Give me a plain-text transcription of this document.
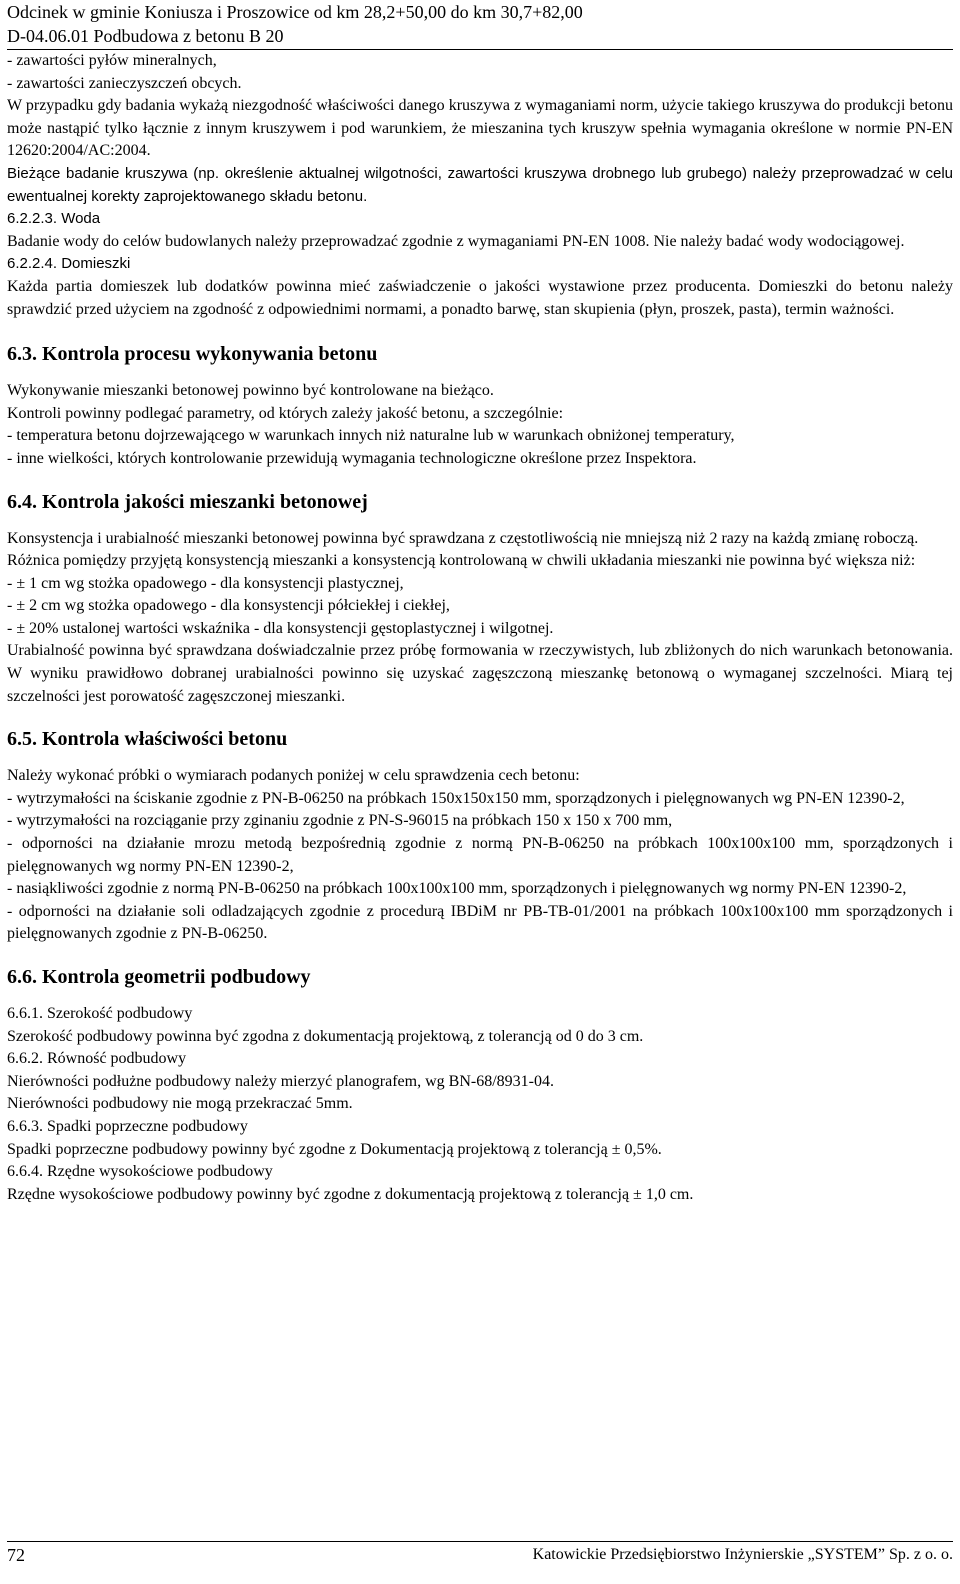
Odcinek w gminie Koniusza i Proszowice od km 28,2+50,00 do km 30,7+82,00
D-04.06.01 Podbudowa z betonu B 20

- zawartości pyłów mineralnych,

- zawartości zanieczyszczeń obcych.

W przypadku gdy badania wykażą niezgodność właściwości danego kruszywa z wymaganiami norm, użycie takiego kruszywa do produkcji betonu może nastąpić tylko łącznie z innym kruszywem i pod warunkiem, że mieszanina tych kruszyw spełnia wymagania określone w normie PN-EN 12620:2004/AC:2004.

Bieżące badanie kruszywa (np. określenie aktualnej wilgotności, zawartości kruszywa drobnego lub grubego) należy przeprowadzać w celu ewentualnej korekty zaprojektowanego składu betonu.

6.2.2.3. Woda

Badanie wody do celów budowlanych należy przeprowadzać zgodnie z wymaganiami PN-EN 1008. Nie należy badać wody wodociągowej.

6.2.2.4. Domieszki

Każda partia domieszek lub dodatków powinna mieć zaświadczenie o jakości wystawione przez producenta. Domieszki do betonu należy sprawdzić przed użyciem na zgodność z odpowiednimi normami, a ponadto barwę, stan skupienia (płyn, proszek, pasta), termin ważności.

6.3. Kontrola procesu wykonywania betonu

Wykonywanie mieszanki betonowej powinno być kontrolowane na bieżąco.

Kontroli powinny podlegać parametry, od których zależy jakość betonu, a szczególnie:

- temperatura betonu dojrzewającego w warunkach innych niż naturalne lub w warunkach obniżonej temperatury,

- inne wielkości, których kontrolowanie przewidują wymagania technologiczne określone przez Inspektora.

6.4. Kontrola jakości mieszanki betonowej

Konsystencja i urabialność mieszanki betonowej powinna być sprawdzana z częstotliwością nie mniejszą niż 2 razy na każdą zmianę roboczą.

Różnica pomiędzy przyjętą konsystencją mieszanki a konsystencją kontrolowaną w chwili układania mieszanki nie powinna być większa niż:

- ± 1 cm wg stożka opadowego - dla konsystencji plastycznej,

- ± 2 cm wg stożka opadowego - dla konsystencji półciekłej i ciekłej,

- ± 20% ustalonej wartości wskaźnika - dla konsystencji gęstoplastycznej i wilgotnej.

Urabialność powinna być sprawdzana doświadczalnie przez próbę formowania w rzeczywistych, lub zbliżonych do nich warunkach betonowania. W wyniku prawidłowo dobranej urabialności powinno się uzyskać zagęszczoną mieszankę betonową o wymaganej szczelności. Miarą tej szczelności jest porowatość zagęszczonej mieszanki.

6.5. Kontrola właściwości betonu

Należy wykonać próbki o wymiarach podanych poniżej w celu sprawdzenia cech betonu:

- wytrzymałości na ściskanie zgodnie z PN-B-06250 na próbkach 150x150x150 mm, sporządzonych i pielęgnowanych wg PN-EN 12390-2,

- wytrzymałości na rozciąganie przy zginaniu zgodnie z PN-S-96015 na próbkach 150 x 150 x 700 mm,

- odporności na działanie mrozu metodą bezpośrednią zgodnie z normą PN-B-06250 na próbkach 100x100x100 mm, sporządzonych i pielęgnowanych wg normy PN-EN 12390-2,

- nasiąkliwości zgodnie z normą PN-B-06250 na próbkach 100x100x100 mm, sporządzonych i pielęgnowanych wg normy PN-EN 12390-2,

- odporności na działanie soli odladzających zgodnie z procedurą IBDiM nr PB-TB-01/2001 na próbkach 100x100x100 mm sporządzonych i pielęgnowanych zgodnie z PN-B-06250.

6.6. Kontrola geometrii podbudowy

6.6.1. Szerokość podbudowy

Szerokość podbudowy powinna być zgodna z dokumentacją projektową, z tolerancją od 0 do 3 cm.

6.6.2. Równość podbudowy

Nierówności podłużne podbudowy należy mierzyć planografem, wg BN-68/8931-04.

Nierówności podbudowy nie mogą przekraczać 5mm.

6.6.3. Spadki poprzeczne podbudowy

Spadki poprzeczne podbudowy powinny być zgodne z Dokumentacją projektową z tolerancją ± 0,5%.

6.6.4. Rzędne wysokościowe podbudowy

Rzędne wysokościowe podbudowy powinny być zgodne z dokumentacją projektową z tolerancją ± 1,0 cm.

72	Katowickie Przedsiębiorstwo Inżynierskie „SYSTEM” Sp. z o. o.
